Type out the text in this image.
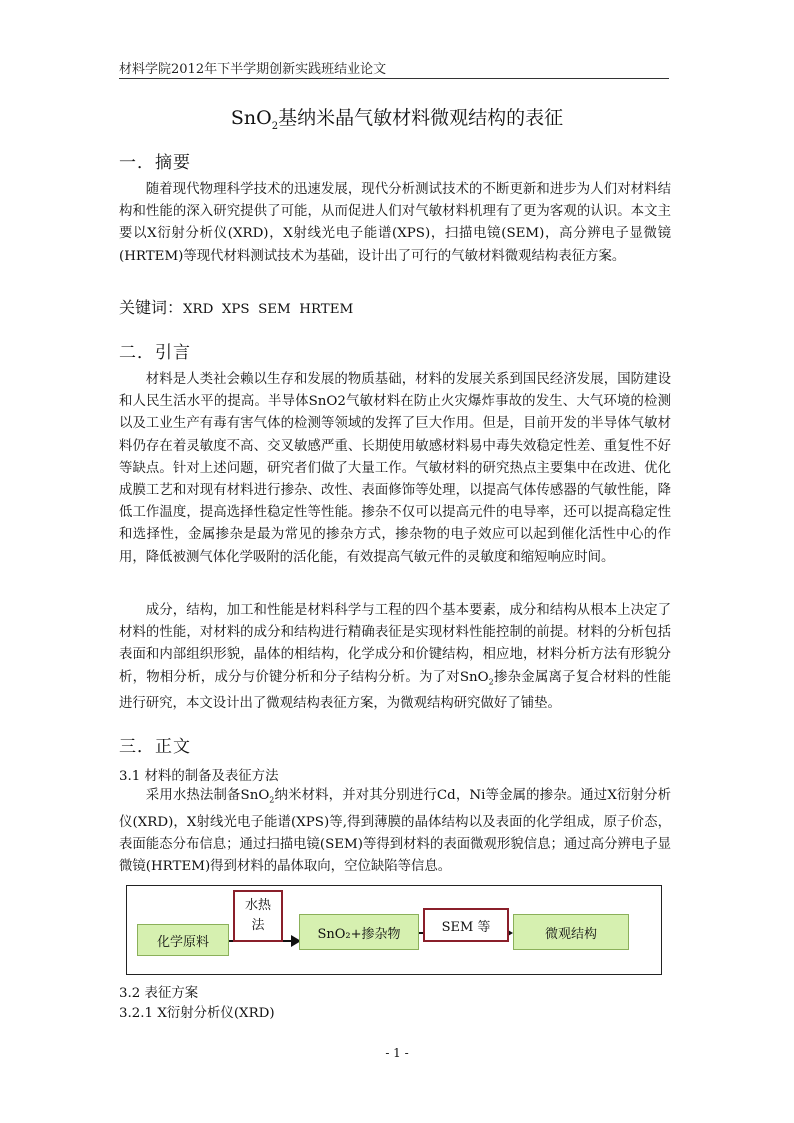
材料学院2012年下半学期创新实践班结业论文
SnO$_2$基纳米晶气敏材料微观结构的表征
一．摘要

随着现代物理科学技术的迅速发展，现代分析测试技术的不断更新和进步为人们对材料结构和性能的深入研究提供了可能，从而促进人们对气敏材料机理有了更为客观的认识。本文主要以X衍射分析仪(XRD)，X射线光电子能谱(XPS)，扫描电镜(SEM)，高分辨电子显微镜(HRTEM)等现代材料测试技术为基础，设计出了可行的气敏材料微观结构表征方案。

关键词：XRD  XPS  SEM  HRTEM
二．引言

材料是人类社会赖以生存和发展的物质基础，材料的发展关系到国民经济发展，国防建设和人民生活水平的提高。半导体SnO2气敏材料在防止火灾爆炸事故的发生、大气环境的检测以及工业生产有毒有害气体的检测等领域的发挥了巨大作用。但是，目前开发的半导体气敏材料仍存在着灵敏度不高、交叉敏感严重、长期使用敏感材料易中毒失效稳定性差、重复性不好等缺点。针对上述问题，研究者们做了大量工作。气敏材料的研究热点主要集中在改进、优化成膜工艺和对现有材料进行掺杂、改性、表面修饰等处理，以提高气体传感器的气敏性能，降低工作温度，提高选择性稳定性等性能。掺杂不仅可以提高元件的电导率，还可以提高稳定性和选择性，金属掺杂是最为常见的掺杂方式，掺杂物的电子效应可以起到催化活性中心的作用，降低被测气体化学吸附的活化能，有效提高气敏元件的灵敏度和缩短响应时间。

成分，结构，加工和性能是材料科学与工程的四个基本要素，成分和结构从根本上决定了材料的性能，对材料的成分和结构进行精确表征是实现材料性能控制的前提。材料的分析包括表面和内部组织形貌，晶体的相结构，化学成分和价键结构，相应地，材料分析方法有形貌分析，物相分析，成分与价键分析和分子结构分析。为了对SnO$_2$掺杂金属离子复合材料的性能进行研究，本文设计出了微观结构表征方案，为微观结构研究做好了铺垫。

三．正文
3.1 材料的制备及表征方法

采用水热法制备SnO$_2$纳米材料，并对其分别进行Cd，Ni等金属的掺杂。通过X衍射分析仪(XRD)，X射线光电子能谱(XPS)等,得到薄膜的晶体结构以及表面的化学组成，原子价态，表面能态分布信息；通过扫描电镜(SEM)等得到材料的表面微观形貌信息；通过高分辨电子显微镜(HRTEM)得到材料的晶体取向，空位缺陷等信息。

化学原料
水热
法
SnO₂+掺杂物	SEM 等	微观结构
3.2 表征方案
3.2.1 X衍射分析仪(XRD)
- 1 -
